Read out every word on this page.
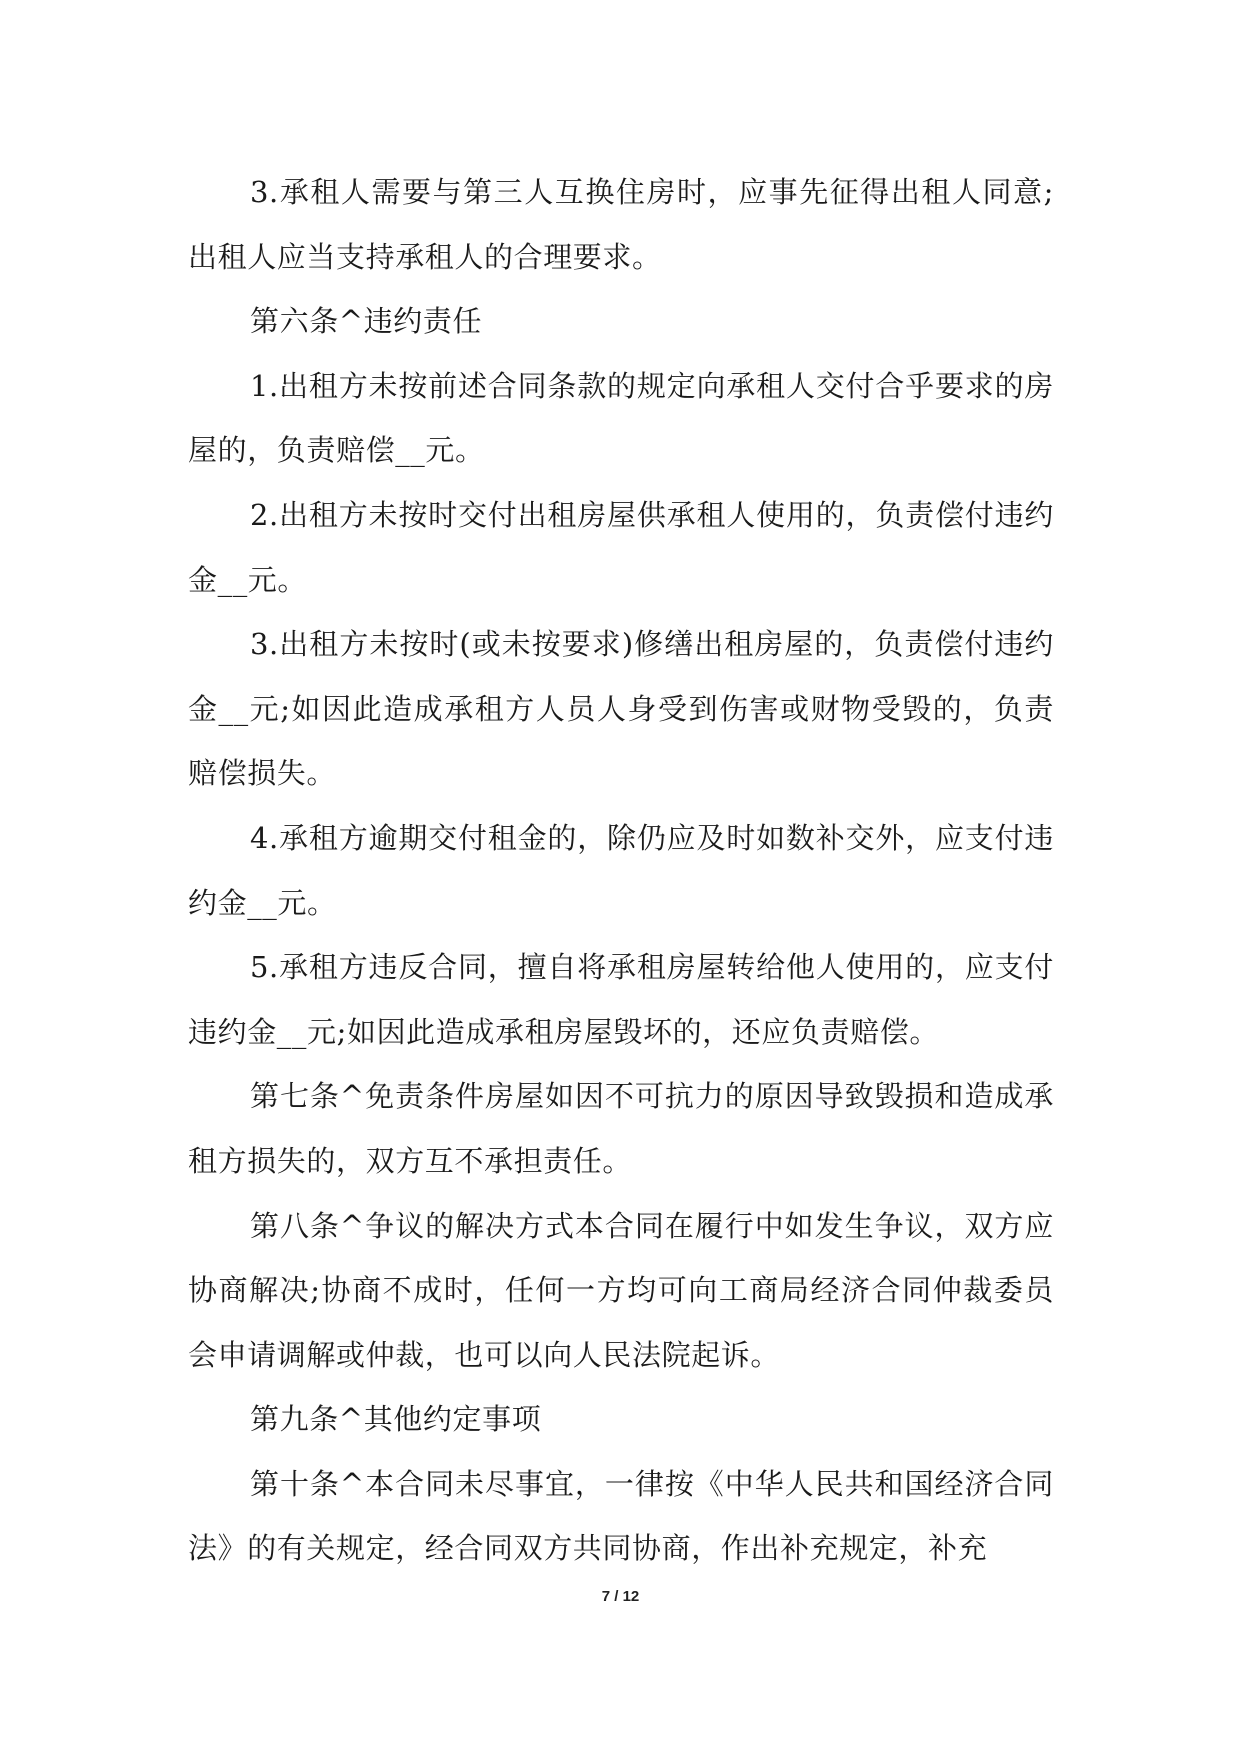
3.承租人需要与第三人互换住房时，应事先征得出租人同意;出租人应当支持承租人的合理要求。

第六条^违约责任

1.出租方未按前述合同条款的规定向承租人交付合乎要求的房屋的，负责赔偿__元。

2.出租方未按时交付出租房屋供承租人使用的，负责偿付违约金__元。

3.出租方未按时(或未按要求)修缮出租房屋的，负责偿付违约金__元;如因此造成承租方人员人身受到伤害或财物受毁的，负责赔偿损失。

4.承租方逾期交付租金的，除仍应及时如数补交外，应支付违约金__元。

5.承租方违反合同，擅自将承租房屋转给他人使用的，应支付违约金__元;如因此造成承租房屋毁坏的，还应负责赔偿。

第七条^免责条件房屋如因不可抗力的原因导致毁损和造成承租方损失的，双方互不承担责任。

第八条^争议的解决方式本合同在履行中如发生争议，双方应协商解决;协商不成时，任何一方均可向工商局经济合同仲裁委员会申请调解或仲裁，也可以向人民法院起诉。

第九条^其他约定事项

第十条^本合同未尽事宜，一律按《中华人民共和国经济合同法》的有关规定，经合同双方共同协商，作出补充规定，补充

7 / 12
